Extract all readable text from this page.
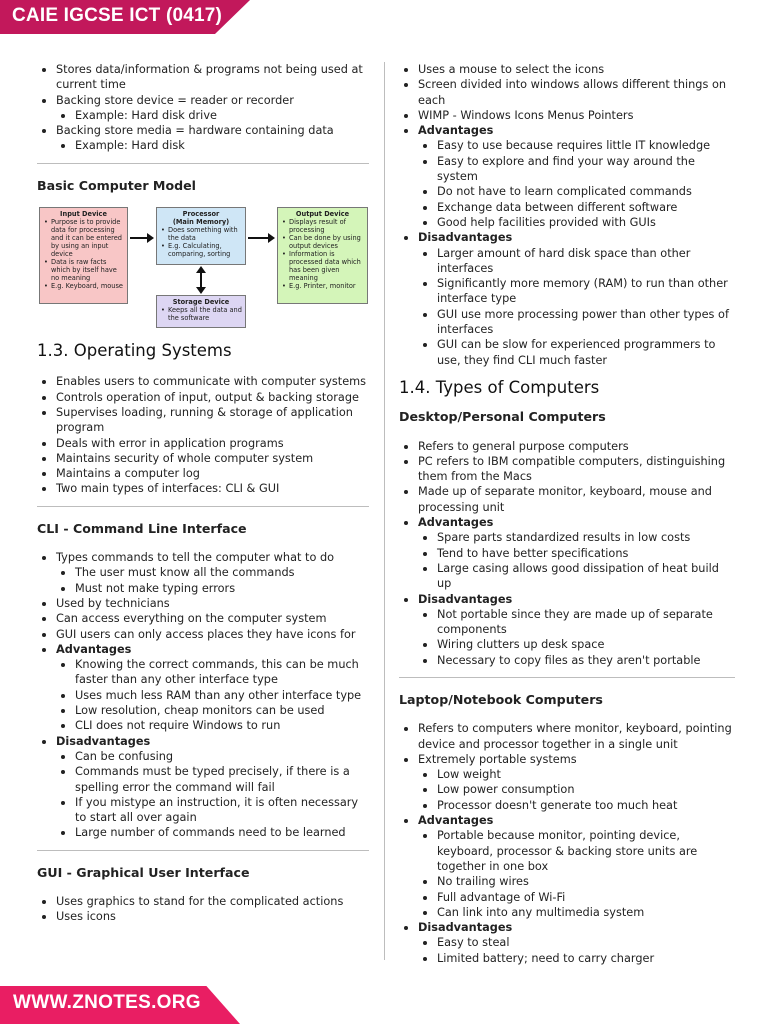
CAIE IGCSE ICT (0417)
Stores data/information & programs not being used at current time
Backing store device = reader or recorder
Example: Hard disk drive
Backing store media = hardware containing data
Example: Hard disk
Basic Computer Model
Input Device
• Purpose is to provide data for processing and it can be entered by using an input device
• Data is raw facts which by itself have no meaning
• E.g. Keyboard, mouse
Processor
(Main Memory)
• Does something with the data
• E.g. Calculating, comparing, sorting
Output Device
• Displays result of processing
• Can be done by using output devices
• Information is processed data which has been given meaning
• E.g. Printer, monitor
Storage Device
• Keeps all the data and the software
1.3. Operating Systems
Enables users to communicate with computer systems
Controls operation of input, output & backing storage
Supervises loading, running & storage of application program
Deals with error in application programs
Maintains security of whole computer system
Maintains a computer log
Two main types of interfaces: CLI & GUI
CLI - Command Line Interface
Types commands to tell the computer what to do
The user must know all the commands
Must not make typing errors
Used by technicians
Can access everything on the computer system
GUI users can only access places they have icons for
Advantages
Knowing the correct commands, this can be much faster than any other interface type
Uses much less RAM than any other interface type
Low resolution, cheap monitors can be used
CLI does not require Windows to run
Disadvantages
Can be confusing
Commands must be typed precisely, if there is a spelling error the command will fail
If you mistype an instruction, it is often necessary to start all over again
Large number of commands need to be learned
GUI - Graphical User Interface
Uses graphics to stand for the complicated actions
Uses icons
Uses a mouse to select the icons
Screen divided into windows allows different things on each
WIMP - Windows Icons Menus Pointers
Advantages
Easy to use because requires little IT knowledge
Easy to explore and find your way around the system
Do not have to learn complicated commands
Exchange data between different software
Good help facilities provided with GUIs
Disadvantages
Larger amount of hard disk space than other interfaces
Significantly more memory (RAM) to run than other interface type
GUI use more processing power than other types of interfaces
GUI can be slow for experienced programmers to use, they find CLI much faster
1.4. Types of Computers
Desktop/Personal Computers
Refers to general purpose computers
PC refers to IBM compatible computers, distinguishing them from the Macs
Made up of separate monitor, keyboard, mouse and processing unit
Advantages
Spare parts standardized results in low costs
Tend to have better specifications
Large casing allows good dissipation of heat build up
Disadvantages
Not portable since they are made up of separate components
Wiring clutters up desk space
Necessary to copy files as they aren't portable
Laptop/Notebook Computers
Refers to computers where monitor, keyboard, pointing device and processor together in a single unit
Extremely portable systems
Low weight
Low power consumption
Processor doesn't generate too much heat
Advantages
Portable because monitor, pointing device, keyboard, processor & backing store units are together in one box
No trailing wires
Full advantage of Wi-Fi
Can link into any multimedia system
Disadvantages
Easy to steal
Limited battery; need to carry charger
WWW.ZNOTES.ORG
